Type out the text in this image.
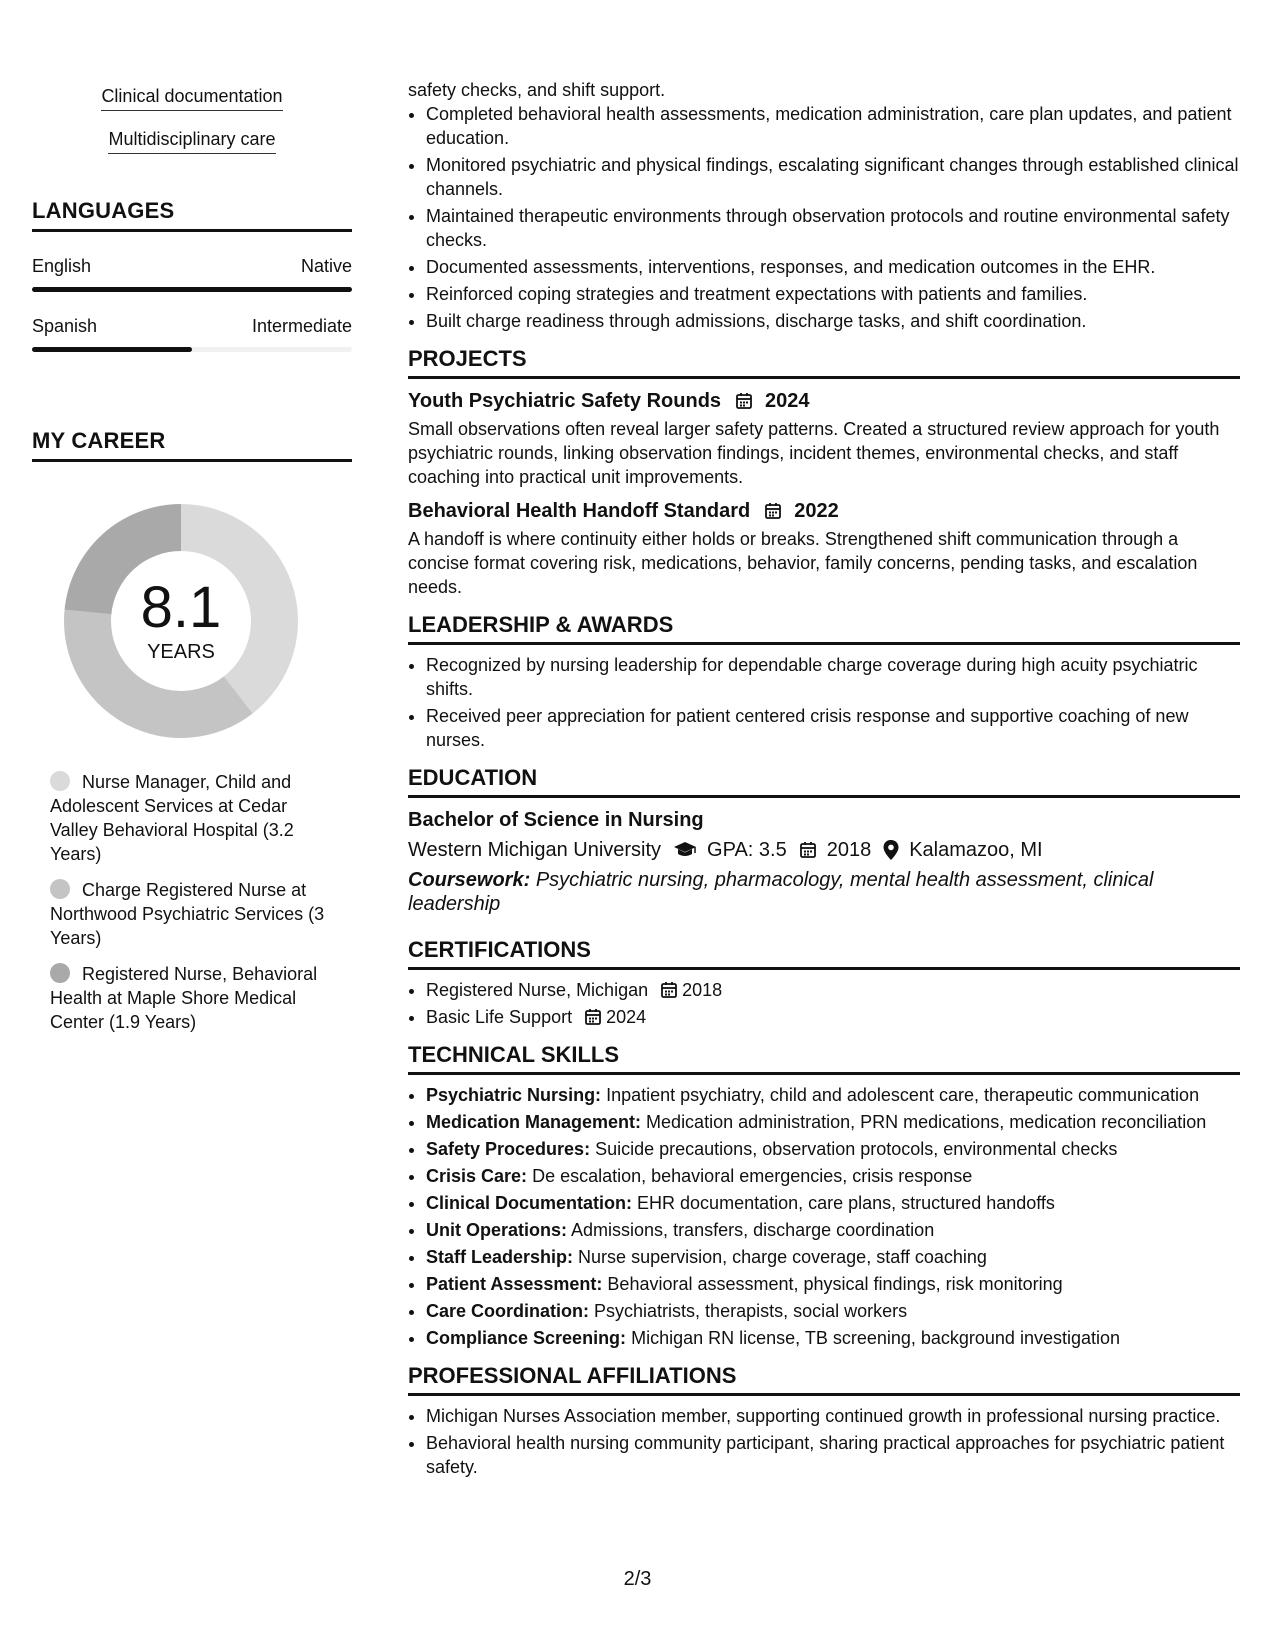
Clinical documentation
Multidisciplinary care
LANGUAGES
English	Native
Spanish	Intermediate
MY CAREER
8.1
YEARS
Nurse Manager, Child and Adolescent Services at Cedar Valley Behavioral Hospital (3.2 Years)
Charge Registered Nurse at Northwood Psychiatric Services (3 Years)
Registered Nurse, Behavioral Health at Maple Shore Medical Center (1.9 Years)
safety checks, and shift support.
• Completed behavioral health assessments, medication administration, care plan updates, and patient education.
• Monitored psychiatric and physical findings, escalating significant changes through established clinical channels.
• Maintained therapeutic environments through observation protocols and routine environmental safety checks.
• Documented assessments, interventions, responses, and medication outcomes in the EHR.
• Reinforced coping strategies and treatment expectations with patients and families.
• Built charge readiness through admissions, discharge tasks, and shift coordination.
PROJECTS
Youth Psychiatric Safety Rounds 2024
Small observations often reveal larger safety patterns. Created a structured review approach for youth psychiatric rounds, linking observation findings, incident themes, environmental checks, and staff coaching into practical unit improvements.
Behavioral Health Handoff Standard 2022
A handoff is where continuity either holds or breaks. Strengthened shift communication through a concise format covering risk, medications, behavior, family concerns, pending tasks, and escalation needs.
LEADERSHIP & AWARDS
• Recognized by nursing leadership for dependable charge coverage during high acuity psychiatric shifts.
• Received peer appreciation for patient centered crisis response and supportive coaching of new nurses.
EDUCATION
Bachelor of Science in Nursing
Western Michigan University GPA: 3.5 2018 Kalamazoo, MI
Coursework: Psychiatric nursing, pharmacology, mental health assessment, clinical leadership
CERTIFICATIONS
• Registered Nurse, Michigan 2018
• Basic Life Support 2024
TECHNICAL SKILLS
• Psychiatric Nursing: Inpatient psychiatry, child and adolescent care, therapeutic communication
• Medication Management: Medication administration, PRN medications, medication reconciliation
• Safety Procedures: Suicide precautions, observation protocols, environmental checks
• Crisis Care: De escalation, behavioral emergencies, crisis response
• Clinical Documentation: EHR documentation, care plans, structured handoffs
• Unit Operations: Admissions, transfers, discharge coordination
• Staff Leadership: Nurse supervision, charge coverage, staff coaching
• Patient Assessment: Behavioral assessment, physical findings, risk monitoring
• Care Coordination: Psychiatrists, therapists, social workers
• Compliance Screening: Michigan RN license, TB screening, background investigation
PROFESSIONAL AFFILIATIONS
• Michigan Nurses Association member, supporting continued growth in professional nursing practice.
• Behavioral health nursing community participant, sharing practical approaches for psychiatric patient safety.
2/3
